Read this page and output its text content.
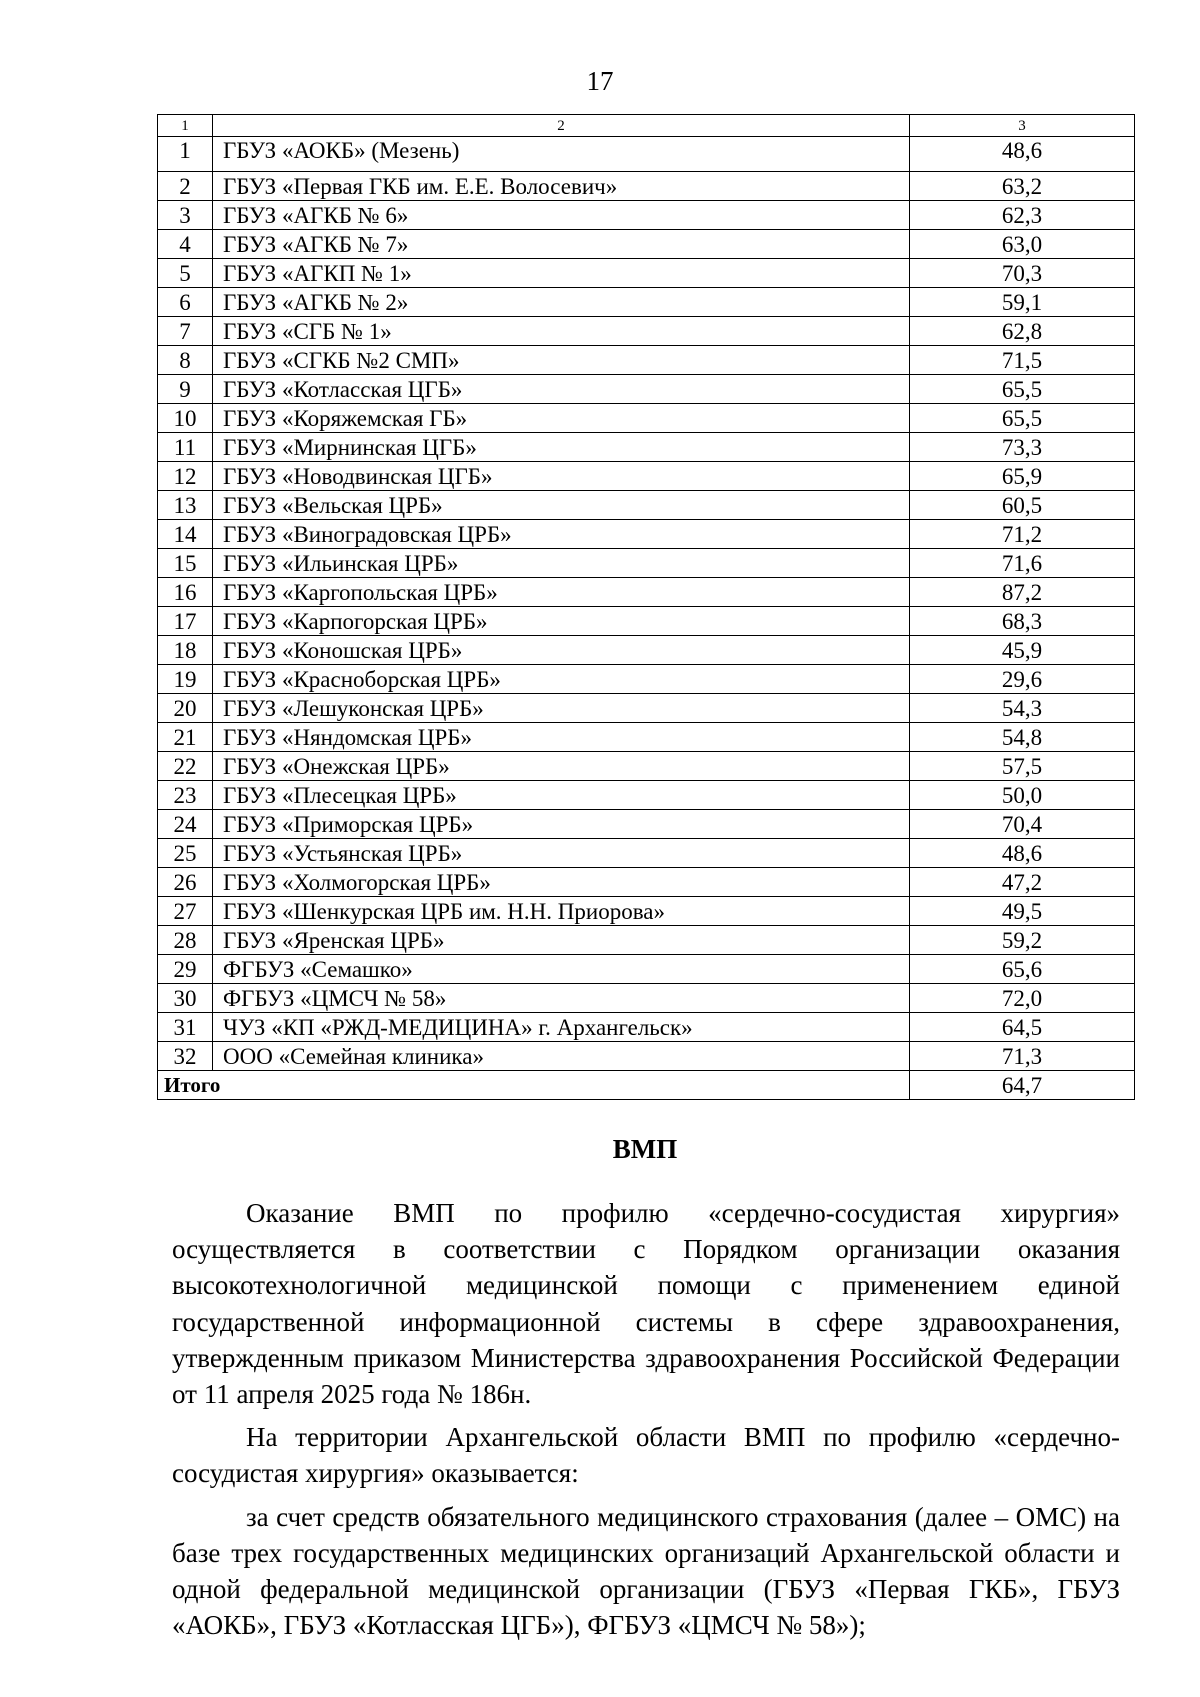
17
1	2	3
1	ГБУЗ «АОКБ» (Мезень)	48,6
2	ГБУЗ «Первая ГКБ им. Е.Е. Волосевич»	63,2
3	ГБУЗ «АГКБ № 6»	62,3
4	ГБУЗ «АГКБ № 7»	63,0
5	ГБУЗ «АГКП № 1»	70,3
6	ГБУЗ «АГКБ № 2»	59,1
7	ГБУЗ «СГБ № 1»	62,8
8	ГБУЗ «СГКБ №2 СМП»	71,5
9	ГБУЗ «Котласская ЦГБ»	65,5
10	ГБУЗ «Коряжемская ГБ»	65,5
11	ГБУЗ «Мирнинская ЦГБ»	73,3
12	ГБУЗ «Новодвинская ЦГБ»	65,9
13	ГБУЗ «Вельская ЦРБ»	60,5
14	ГБУЗ «Виноградовская ЦРБ»	71,2
15	ГБУЗ «Ильинская ЦРБ»	71,6
16	ГБУЗ «Каргопольская ЦРБ»	87,2
17	ГБУЗ «Карпогорская ЦРБ»	68,3
18	ГБУЗ «Коношская ЦРБ»	45,9
19	ГБУЗ «Красноборская ЦРБ»	29,6
20	ГБУЗ «Лешуконская ЦРБ»	54,3
21	ГБУЗ «Няндомская ЦРБ»	54,8
22	ГБУЗ «Онежская ЦРБ»	57,5
23	ГБУЗ «Плесецкая ЦРБ»	50,0
24	ГБУЗ «Приморская ЦРБ»	70,4
25	ГБУЗ «Устьянская ЦРБ»	48,6
26	ГБУЗ «Холмогорская ЦРБ»	47,2
27	ГБУЗ «Шенкурская ЦРБ им. Н.Н. Приорова»	49,5
28	ГБУЗ «Яренская ЦРБ»	59,2
29	ФГБУЗ «Семашко»	65,6
30	ФГБУЗ «ЦМСЧ № 58»	72,0
31	ЧУЗ «КП «РЖД-МЕДИЦИНА» г. Архангельск»	64,5
32	ООО «Семейная клиника»	71,3
Итого		64,7
ВМП

Оказание ВМП по профилю «сердечно-сосудистая хирургия» осуществляется в соответствии с Порядком организации оказания высокотехнологичной медицинской помощи с применением единой государственной информационной системы в сфере здравоохранения, утвержденным приказом Министерства здравоохранения Российской Федерации от 11 апреля 2025 года № 186н.

На территории Архангельской области ВМП по профилю «сердечно-сосудистая хирургия» оказывается:

за счет средств обязательного медицинского страхования (далее – ОМС) на базе трех государственных медицинских организаций Архангельской области и одной федеральной медицинской организации (ГБУЗ «Первая ГКБ», ГБУЗ «АОКБ», ГБУЗ «Котласская ЦГБ»), ФГБУЗ «ЦМСЧ № 58»);
